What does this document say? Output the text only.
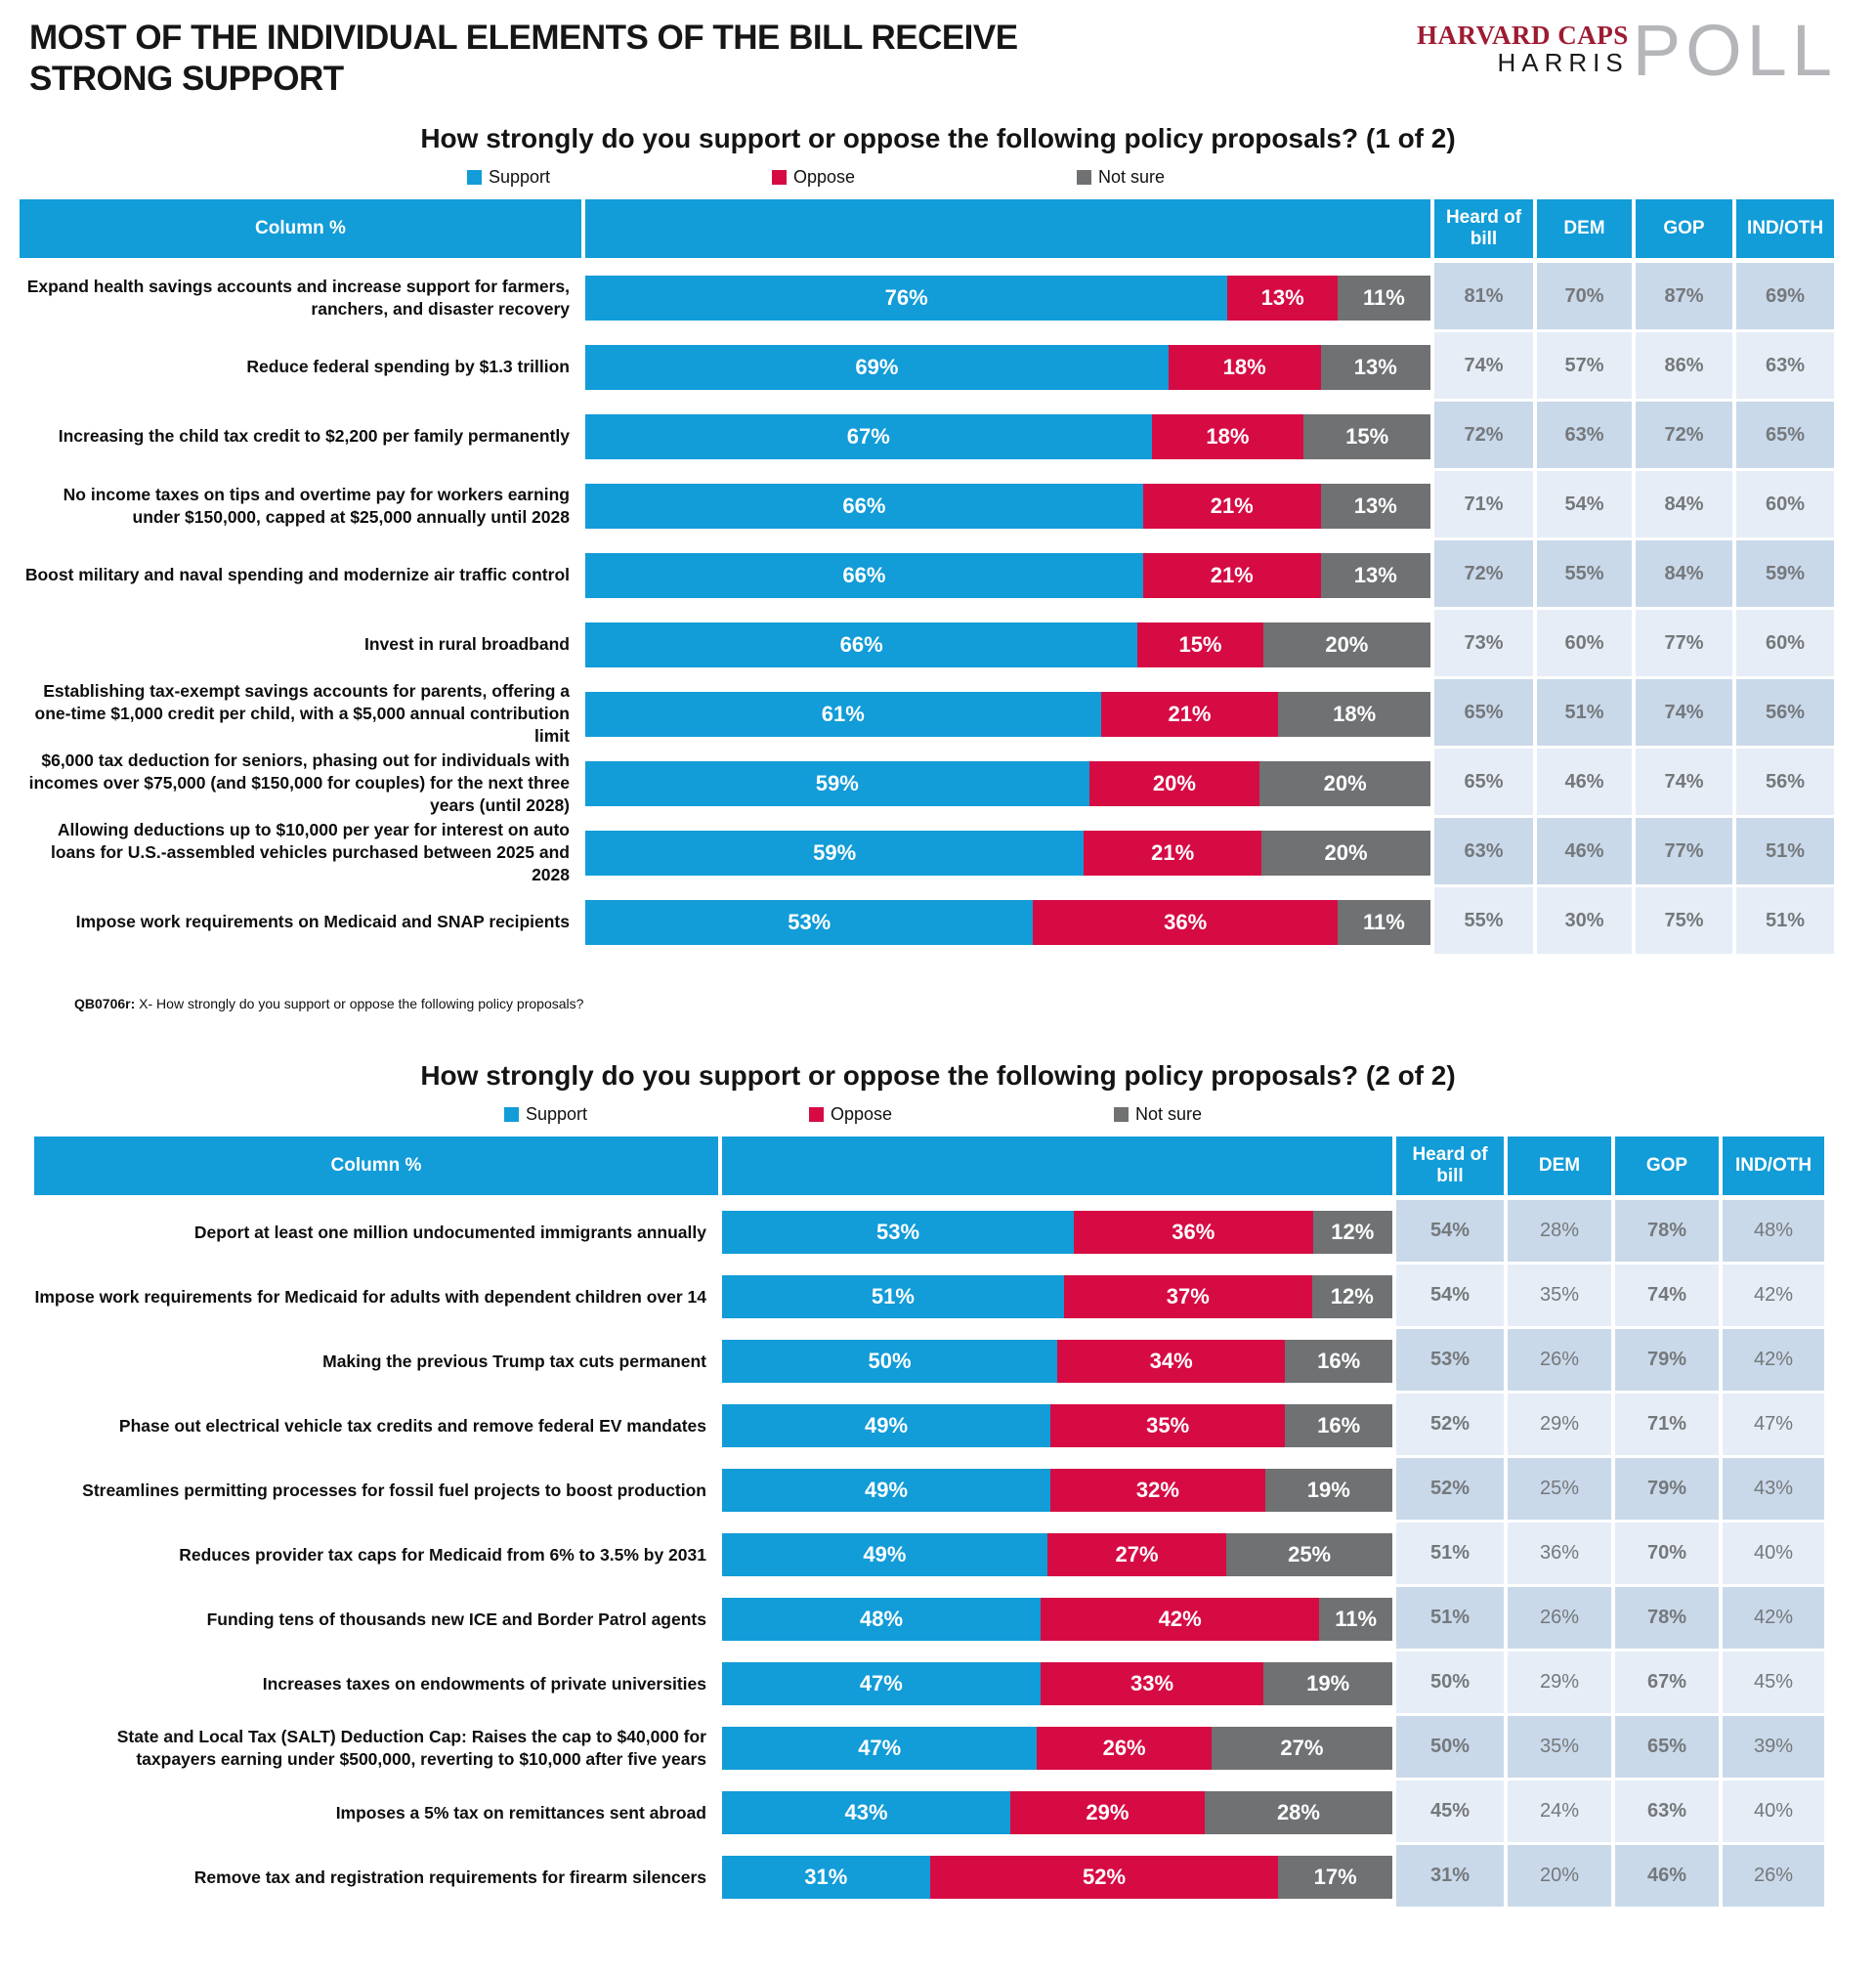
MOST OF THE INDIVIDUAL ELEMENTS OF THE BILL RECEIVE STRONG SUPPORT
HARVARD CAPS
HARRIS POLL
How strongly do you support or oppose the following policy proposals? (1 of 2)
Support	Oppose	Not sure
Column %
Heard of bill
DEM	GOP	IND/OTH
Expand health savings accounts and increase support for farmers, ranchers, and disaster recovery	76%	13%	11%	81%	70%	87%	69%
Reduce federal spending by $1.3 trillion	69%	18%	13%	74%	57%	86%	63%
Increasing the child tax credit to $2,200 per family permanently	67%	18%	15%	72%	63%	72%	65%
No income taxes on tips and overtime pay for workers earning under $150,000, capped at $25,000 annually until 2028	66%	21%	13%	71%	54%	84%	60%
Boost military and naval spending and modernize air traffic control	66%	21%	13%	72%	55%	84%	59%
Invest in rural broadband	66%	15%	20%	73%	60%	77%	60%
Establishing tax-exempt savings accounts for parents, offering a one-time $1,000 credit per child, with a $5,000 annual contribution limit
61%	21%	18%	65%	51%	74%	56%
$6,000 tax deduction for seniors, phasing out for individuals with incomes over $75,000 (and $150,000 for couples) for the next three years (until 2028)
59%	20%	20%	65%	46%	74%	56%
Allowing deductions up to $10,000 per year for interest on auto loans for U.S.-assembled vehicles purchased between 2025 and 2028
59%	21%	20%	63%	46%	77%	51%
Impose work requirements on Medicaid and SNAP recipients	53%	36%	11%	55%	30%	75%	51%
QB0706r: X- How strongly do you support or oppose the following policy proposals?
How strongly do you support or oppose the following policy proposals? (2 of 2)
Support	Oppose	Not sure
Column %
Heard of bill
DEM	GOP	IND/OTH
Deport at least one million undocumented immigrants annually	53%	36%	12%	54%	28%	78%	48%
Impose work requirements for Medicaid for adults with dependent children over 14	51%	37%	12%	54%	35%	74%	42%
Making the previous Trump tax cuts permanent	50%	34%	16%	53%	26%	79%	42%
Phase out electrical vehicle tax credits and remove federal EV mandates	49%	35%	16%	52%	29%	71%	47%
Streamlines permitting processes for fossil fuel projects to boost production	49%	32%	19%	52%	25%	79%	43%
Reduces provider tax caps for Medicaid from 6% to 3.5% by 2031	49%	27%	25%	51%	36%	70%	40%
Funding tens of thousands new ICE and Border Patrol agents	48%	42%	11%	51%	26%	78%	42%
Increases taxes on endowments of private universities	47%	33%	19%	50%	29%	67%	45%
State and Local Tax (SALT) Deduction Cap: Raises the cap to $40,000 for taxpayers earning under $500,000, reverting to $10,000 after five years	47%	26%	27%	50%	35%	65%	39%
Imposes a 5% tax on remittances sent abroad	43%	29%	28%	45%	24%	63%	40%
Remove tax and registration requirements for firearm silencers	31%	52%	17%	31%	20%	46%	26%
